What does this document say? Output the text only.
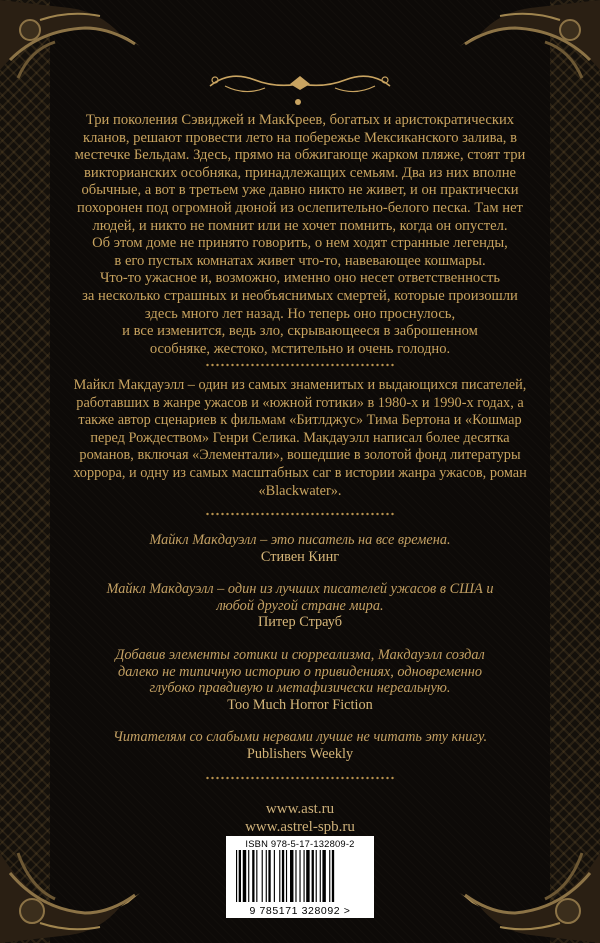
Три поколения Сэвиджей и МакКреев, богатых и аристократических
кланов, решают провести лето на побережье Мексиканского залива, в
местечке Бельдам. Здесь, прямо на обжигающе жарком пляже, стоят три
викторианских особняка, принадлежащих семьям. Два из них вполне
обычные, а вот в третьем уже давно никто не живет, и он практически
похоронен под огромной дюной из ослепительно-белого песка. Там нет
людей, и никто не помнит или не хочет помнить, когда он опустел.
Об этом доме не принято говорить, о нем ходят странные легенды,
в его пустых комнатах живет что-то, навевающее кошмары.
Что-то ужасное и, возможно, именно оно несет ответственность
за несколько страшных и необъяснимых смертей, которые произошли
здесь много лет назад. Но теперь оно проснулось,
и все изменится, ведь зло, скрывающееся в заброшенном
особняке, жестоко, мстительно и очень голодно.
Майкл Макдауэлл – один из самых знаменитых и выдающихся писателей,
работавших в жанре ужасов и «южной готики» в 1980-х и 1990-х годах, а
также автор сценариев к фильмам «Битлджус» Тима Бертона и «Кошмар
перед Рождеством» Генри Селика. Макдауэлл написал более десятка
романов, включая «Элементали», вошедшие в золотой фонд литературы
хоррора, и одну из самых масштабных саг в истории жанра ужасов, роман
«Blackwater».
Майкл Макдауэлл – это писатель на все времена.
Стивен Кинг
Майкл Макдауэлл – один из лучших писателей ужасов в США и любой другой стране мира.
Питер Страуб
Добавив элементы готики и сюрреализма, Макдауэлл создал далеко не типичную историю о привидениях, одновременно глубоко правдивую и метафизически нереальную.
Too Much Horror Fiction
Читателям со слабыми нервами лучше не читать эту книгу.
Publishers Weekly
www.ast.ru
www.astrel-spb.ru
ISBN 978-5-17-132809-2
9 785171 328092 >
